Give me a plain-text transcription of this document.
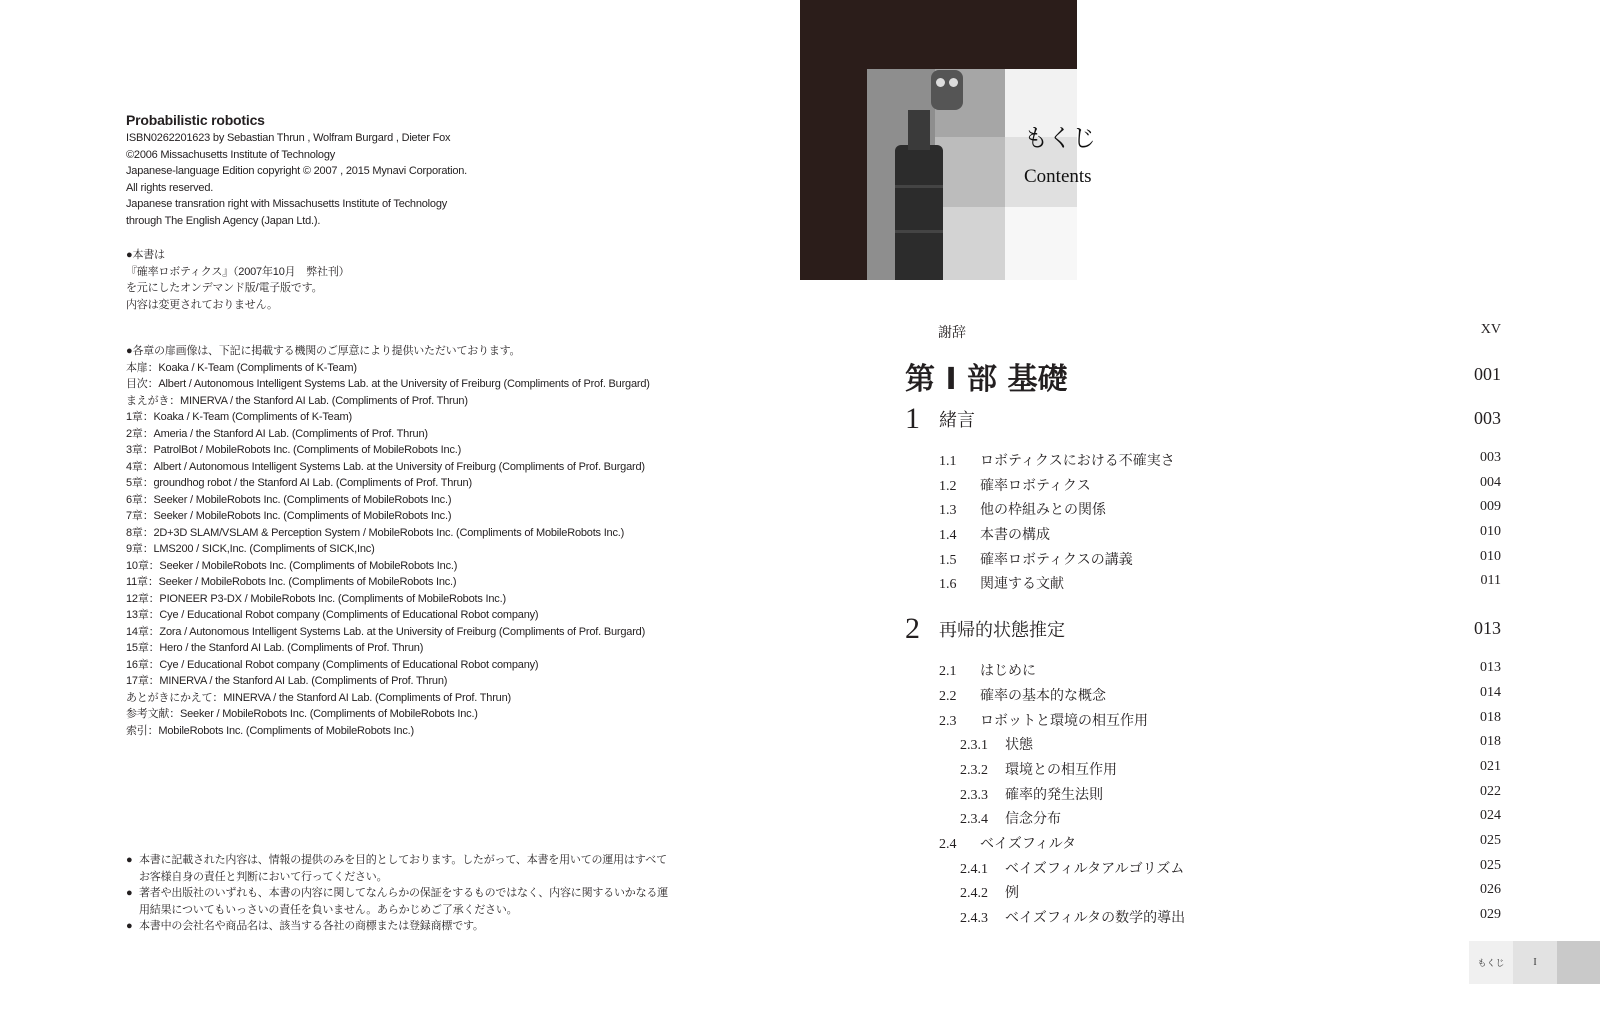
Probabilistic robotics
ISBN0262201623 by Sebastian Thrun , Wolfram Burgard , Dieter Fox
©2006 Missachusetts Institute of Technology
Japanese-language Edition copyright © 2007 , 2015 Mynavi Corporation.
All rights reserved.
Japanese transration right with Missachusetts Institute of Technology
through The English Agency (Japan Ltd.).
●本書は
『確率ロボティクス』（2007年10月　弊社刊）
を元にしたオンデマンド版/電子版です。
内容は変更されておりません。
●各章の扉画像は、下記に掲載する機関のご厚意により提供いただいております。
本扉：Koaka / K-Team (Compliments of K-Team)
目次：Albert / Autonomous Intelligent Systems Lab. at the University of Freiburg (Compliments of Prof. Burgard)
まえがき：MINERVA / the Stanford AI Lab. (Compliments of Prof. Thrun)
1章：Koaka / K-Team (Compliments of K-Team)
2章：Ameria / the Stanford AI Lab. (Compliments of Prof. Thrun)
3章：PatrolBot / MobileRobots Inc. (Compliments of MobileRobots Inc.)
4章：Albert / Autonomous Intelligent Systems Lab. at the University of Freiburg (Compliments of Prof. Burgard)
5章：groundhog robot / the Stanford AI Lab. (Compliments of Prof. Thrun)
6章：Seeker / MobileRobots Inc. (Compliments of MobileRobots Inc.)
7章：Seeker / MobileRobots Inc. (Compliments of MobileRobots Inc.)
8章：2D+3D SLAM/VSLAM & Perception System / MobileRobots Inc. (Compliments of MobileRobots Inc.)
9章：LMS200 / SICK,Inc. (Compliments of SICK,Inc)
10章：Seeker / MobileRobots Inc. (Compliments of MobileRobots Inc.)
11章：Seeker / MobileRobots Inc. (Compliments of MobileRobots Inc.)
12章：PIONEER P3-DX / MobileRobots Inc. (Compliments of MobileRobots Inc.)
13章：Cye / Educational Robot company (Compliments of Educational Robot company)
14章：Zora / Autonomous Intelligent Systems Lab. at the University of Freiburg (Compliments of Prof. Burgard)
15章：Hero / the Stanford AI Lab. (Compliments of Prof. Thrun)
16章：Cye / Educational Robot company (Compliments of Educational Robot company)
17章：MINERVA / the Stanford AI Lab. (Compliments of Prof. Thrun)
あとがきにかえて：MINERVA / the Stanford AI Lab. (Compliments of Prof. Thrun)
参考文献：Seeker / MobileRobots Inc. (Compliments of MobileRobots Inc.)
索引：MobileRobots Inc. (Compliments of MobileRobots Inc.)
● 本書に記載された内容は、情報の提供のみを目的としております。したがって、本書を用いての運用はすべて
お客様自身の責任と判断において行ってください。
● 著者や出版社のいずれも、本書の内容に関してなんらかの保証をするものではなく、内容に関するいかなる運
用結果についてもいっさいの責任を負いません。あらかじめご了承ください。
● 本書中の会社名や商品名は、該当する各社の商標または登録商標です。
もくじ
Contents
謝辞	XV
第 I 部 基礎	001
1	緒言	003
1.1	ロボティクスにおける不確実さ	003
1.2	確率ロボティクス	004
1.3	他の枠組みとの関係	009
1.4	本書の構成	010
1.5	確率ロボティクスの講義	010
1.6	関連する文献	011
2	再帰的状態推定	013
2.1	はじめに	013
2.2	確率の基本的な概念	014
2.3	ロボットと環境の相互作用	018
2.3.1	状態	018
2.3.2	環境との相互作用	021
2.3.3	確率的発生法則	022
2.3.4	信念分布	024
2.4	ベイズフィルタ	025
2.4.1	ベイズフィルタアルゴリズム	025
2.4.2	例	026
2.4.3	ベイズフィルタの数学的導出	029
もくじ	I
